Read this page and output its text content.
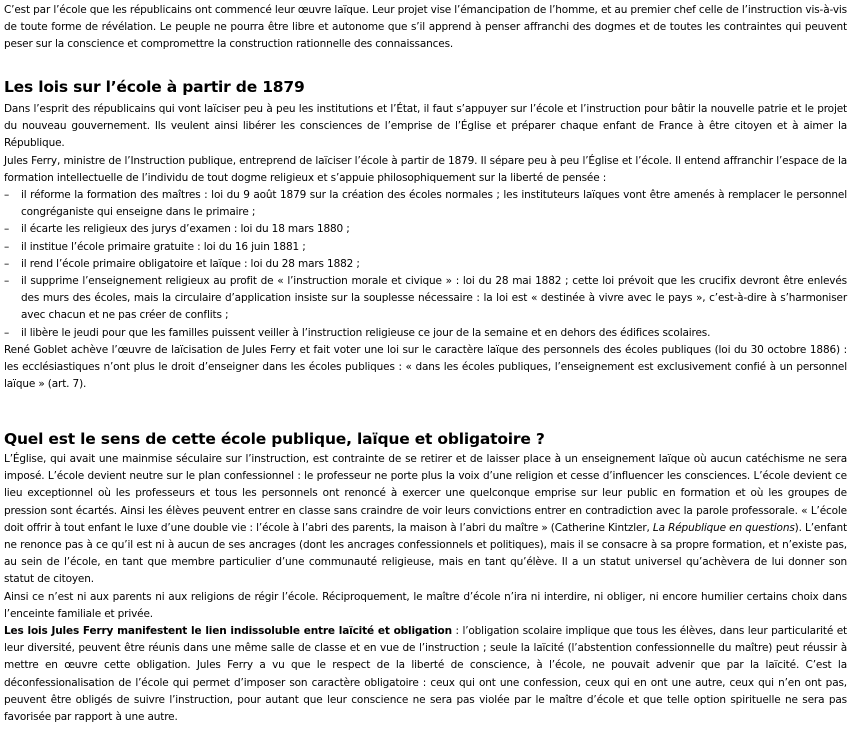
C’est par l’école que les républicains ont commencé leur œuvre laïque. Leur projet vise l’émancipation de l’homme, et au premier chef celle de l’instruction vis-à-vis de toute forme de révélation. Le peuple ne pourra être libre et autonome que s’il apprend à penser affranchi des dogmes et de toutes les contraintes qui peuvent peser sur la conscience et compromettre la construction rationnelle des connaissances.

Les lois sur l’école à partir de 1879

Dans l’esprit des républicains qui vont laïciser peu à peu les institutions et l’État, il faut s’appuyer sur l’école et l’instruction pour bâtir la nouvelle patrie et le projet du nouveau gouvernement. Ils veulent ainsi libérer les consciences de l’emprise de l’Église et préparer chaque enfant de France à être citoyen et à aimer la République.

Jules Ferry, ministre de l’Instruction publique, entreprend de laïciser l’école à partir de 1879. Il sépare peu à peu l’Église et l’école. Il entend affranchir l’espace de la formation intellectuelle de l’individu de tout dogme religieux et s’appuie philosophiquement sur la liberté de pensée :

– il réforme la formation des maîtres : loi du 9 août 1879 sur la création des écoles normales ; les instituteurs laïques vont être amenés à remplacer le personnel congréganiste qui enseigne dans le primaire ;
– il écarte les religieux des jurys d’examen : loi du 18 mars 1880 ;
– il institue l’école primaire gratuite : loi du 16 juin 1881 ;
– il rend l’école primaire obligatoire et laïque : loi du 28 mars 1882 ;
– il supprime l’enseignement religieux au profit de « l’instruction morale et civique » : loi du 28 mai 1882 ; cette loi prévoit que les crucifix devront être enlevés des murs des écoles, mais la circulaire d’application insiste sur la souplesse nécessaire : la loi est « destinée à vivre avec le pays », c’est-à-dire à s’harmoniser avec chacun et ne pas créer de conflits ;
– il libère le jeudi pour que les familles puissent veiller à l’instruction religieuse ce jour de la semaine et en dehors des édifices scolaires.

René Goblet achève l’œuvre de laïcisation de Jules Ferry et fait voter une loi sur le caractère laïque des personnels des écoles publiques (loi du 30 octobre 1886) : les ecclésiastiques n’ont plus le droit d’enseigner dans les écoles publiques : « dans les écoles publiques, l’enseignement est exclusivement confié à un personnel laïque » (art. 7).

Quel est le sens de cette école publique, laïque et obligatoire ?

L’Église, qui avait une mainmise séculaire sur l’instruction, est contrainte de se retirer et de laisser place à un enseignement laïque où aucun catéchisme ne sera imposé. L’école devient neutre sur le plan confessionnel : le professeur ne porte plus la voix d’une religion et cesse d’influencer les consciences. L’école devient ce lieu exceptionnel où les professeurs et tous les personnels ont renoncé à exercer une quelconque emprise sur leur public en formation et où les groupes de pression sont écartés. Ainsi les élèves peuvent entrer en classe sans craindre de voir leurs convictions entrer en contradiction avec la parole professorale. « L’école doit offrir à tout enfant le luxe d’une double vie : l’école à l’abri des parents, la maison à l’abri du maître » (Catherine Kintzler, La République en questions). L’enfant ne renonce pas à ce qu’il est ni à aucun de ses ancrages (dont les ancrages confessionnels et politiques), mais il se consacre à sa propre formation, et n’existe pas, au sein de l’école, en tant que membre particulier d’une communauté religieuse, mais en tant qu’élève. Il a un statut universel qu’achèvera de lui donner son statut de citoyen.

Ainsi ce n’est ni aux parents ni aux religions de régir l’école. Réciproquement, le maître d’école n’ira ni interdire, ni obliger, ni encore humilier certains choix dans l’enceinte familiale et privée.

Les lois Jules Ferry manifestent le lien indissoluble entre laïcité et obligation : l’obligation scolaire implique que tous les élèves, dans leur particularité et leur diversité, peuvent être réunis dans une même salle de classe et en vue de l’instruction ; seule la laïcité (l’abstention confessionnelle du maître) peut réussir à mettre en œuvre cette obligation. Jules Ferry a vu que le respect de la liberté de conscience, à l’école, ne pouvait advenir que par la laïcité. C’est la déconfessionalisation de l’école qui permet d’imposer son caractère obligatoire : ceux qui ont une confession, ceux qui en ont une autre, ceux qui n’en ont pas, peuvent être obligés de suivre l’instruction, pour autant que leur conscience ne sera pas violée par le maître d’école et que telle option spirituelle ne sera pas favorisée par rapport à une autre.
